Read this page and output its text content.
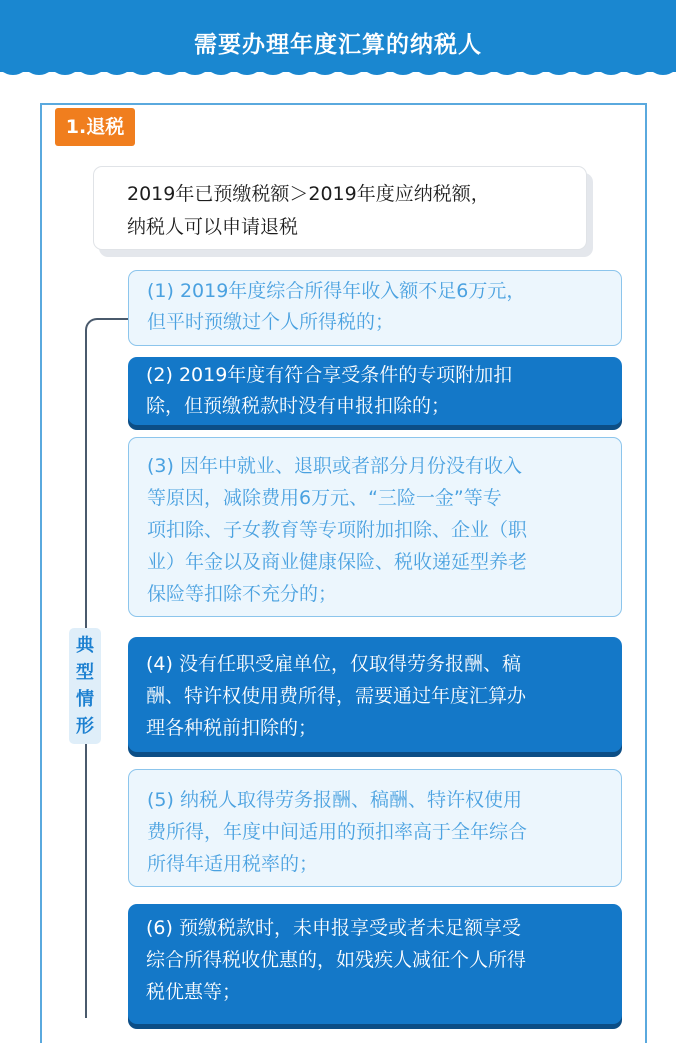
需要办理年度汇算的纳税人
1.退税
2019年已预缴税额＞2019年度应纳税额，
纳税人可以申请退税
典
型
情
形
(1) 2019年度综合所得年收入额不足6万元，
但平时预缴过个人所得税的；
(2) 2019年度有符合享受条件的专项附加扣
除，但预缴税款时没有申报扣除的；
(3) 因年中就业、退职或者部分月份没有收入
等原因，减除费用6万元、“三险一金”等专
项扣除、子女教育等专项附加扣除、企业（职
业）年金以及商业健康保险、税收递延型养老
保险等扣除不充分的；
(4) 没有任职受雇单位，仅取得劳务报酬、稿
酬、特许权使用费所得，需要通过年度汇算办
理各种税前扣除的；
(5) 纳税人取得劳务报酬、稿酬、特许权使用
费所得，年度中间适用的预扣率高于全年综合
所得年适用税率的；
(6) 预缴税款时，未申报享受或者未足额享受
综合所得税收优惠的，如残疾人减征个人所得
税优惠等；
